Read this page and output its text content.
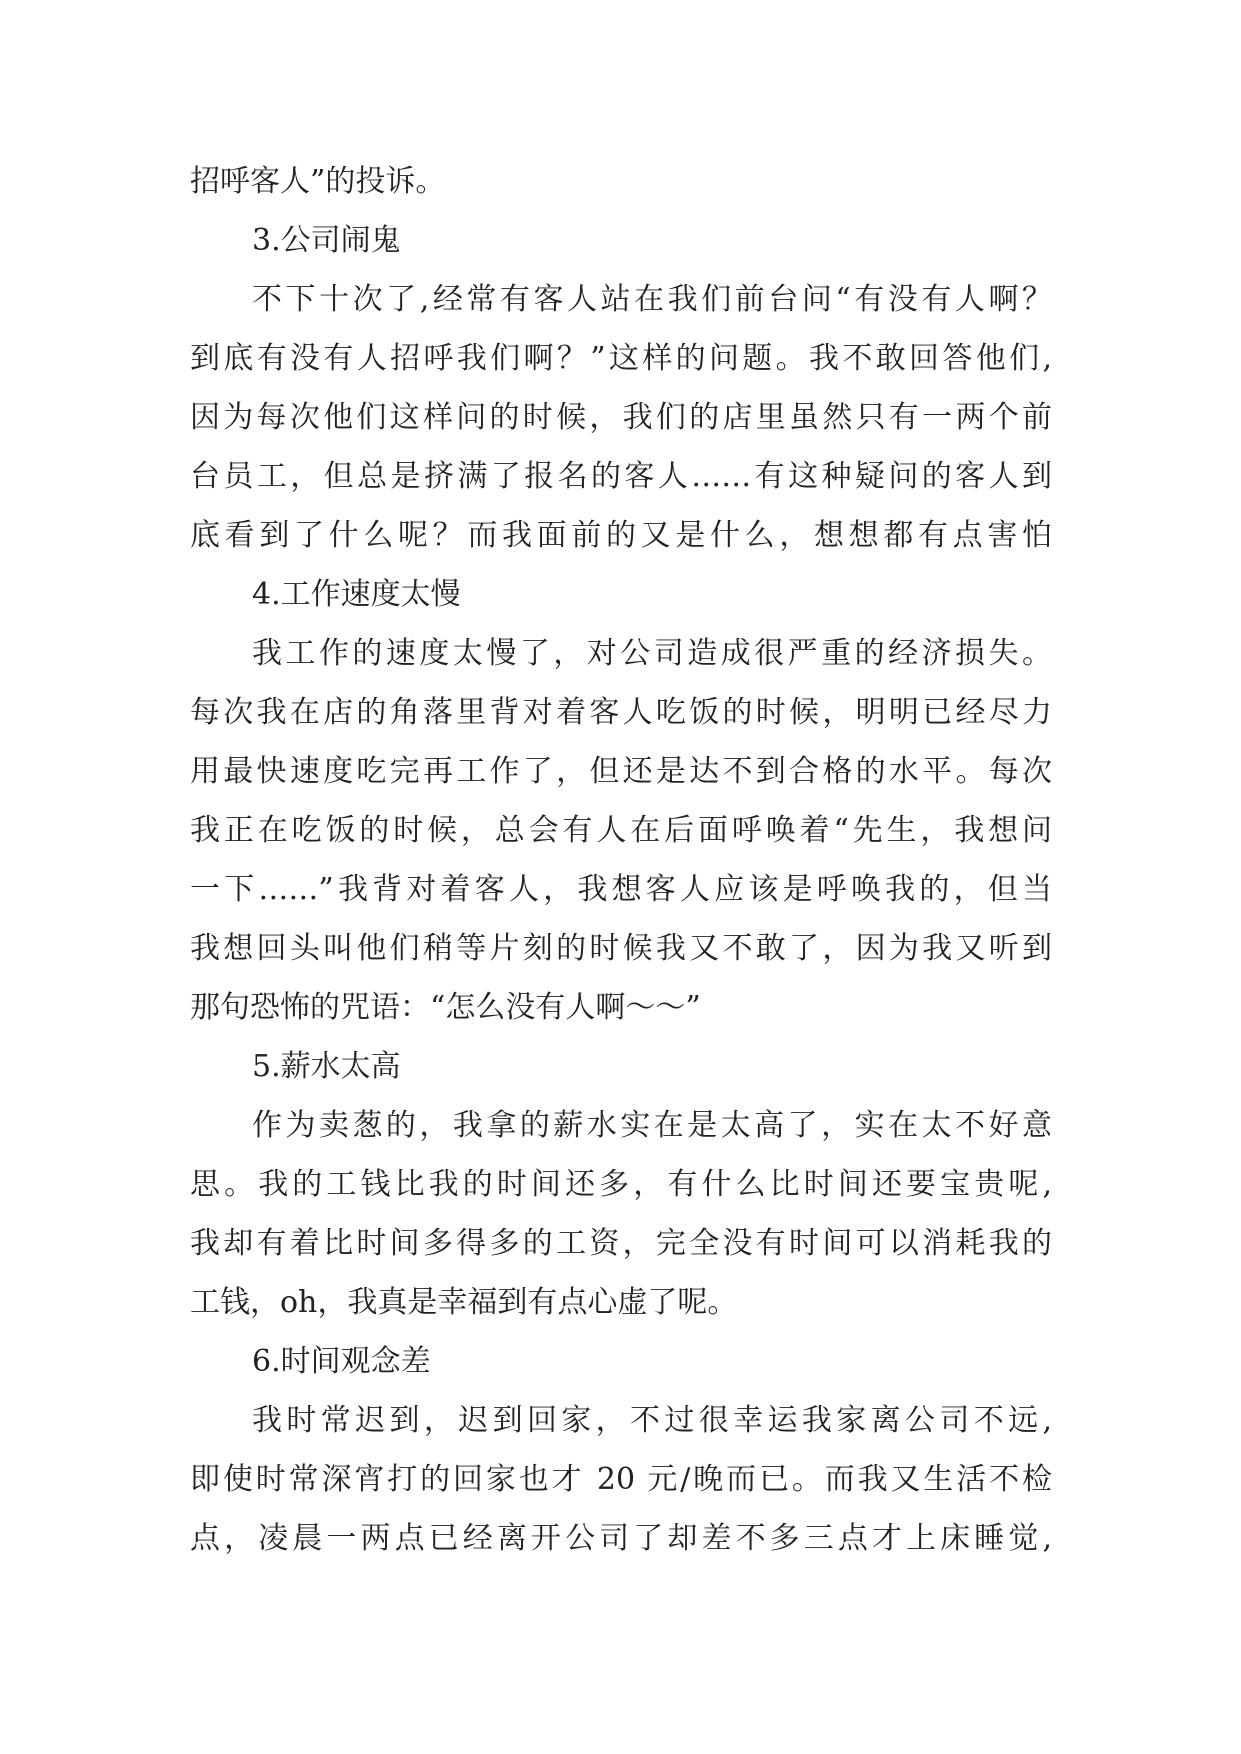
招呼客人”的投诉。
3.公司闹鬼
不下十次了,经常有客人站在我们前台问“有没有人啊？
到底有没有人招呼我们啊？”这样的问题。我不敢回答他们,
因为每次他们这样问的时候，我们的店里虽然只有一两个前
台员工，但总是挤满了报名的客人……有这种疑问的客人到
底看到了什么呢？而我面前的又是什么，想想都有点害怕
4.工作速度太慢
我工作的速度太慢了，对公司造成很严重的经济损失。
每次我在店的角落里背对着客人吃饭的时候，明明已经尽力
用最快速度吃完再工作了，但还是达不到合格的水平。每次
我正在吃饭的时候，总会有人在后面呼唤着“先生，我想问
一下……”我背对着客人，我想客人应该是呼唤我的，但当
我想回头叫他们稍等片刻的时候我又不敢了，因为我又听到
那句恐怖的咒语：“怎么没有人啊～～”
5.薪水太高
作为卖葱的，我拿的薪水实在是太高了，实在太不好意
思。我的工钱比我的时间还多，有什么比时间还要宝贵呢,
我却有着比时间多得多的工资，完全没有时间可以消耗我的
工钱，oh，我真是幸福到有点心虚了呢。
6.时间观念差
我时常迟到，迟到回家，不过很幸运我家离公司不远,
即使时常深宵打的回家也才 20 元/晚而已。而我又生活不检
点，凌晨一两点已经离开公司了却差不多三点才上床睡觉,
